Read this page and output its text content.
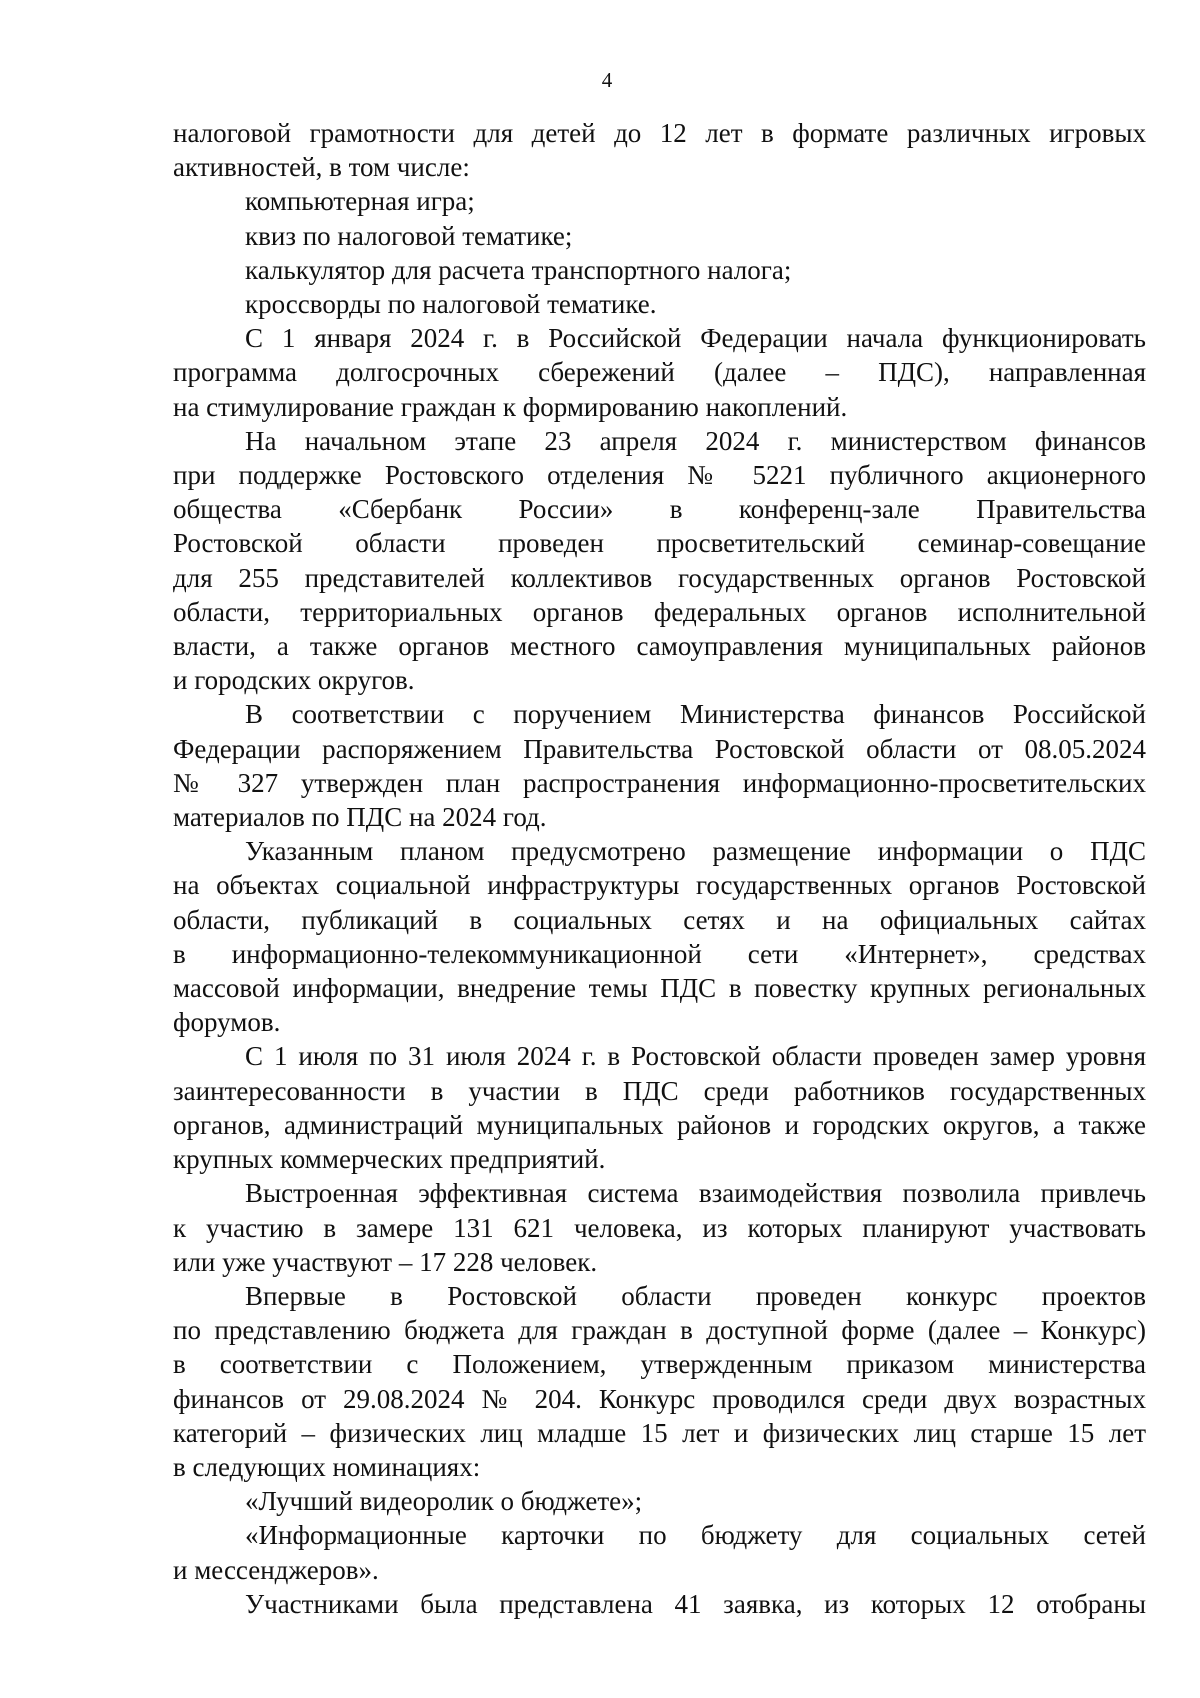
4
налоговой грамотности для детей до 12 лет в формате различных игровых
активностей, в том числе:
компьютерная игра;
квиз по налоговой тематике;
калькулятор для расчета транспортного налога;
кроссворды по налоговой тематике.
С 1 января 2024 г. в Российской Федерации начала функционировать
программа долгосрочных сбережений (далее – ПДС), направленная
на стимулирование граждан к формированию накоплений.
На начальном этапе 23 апреля 2024 г. министерством финансов
при поддержке Ростовского отделения № 5221 публичного акционерного
общества «Сбербанк России» в конференц-зале Правительства
Ростовской области проведен просветительский семинар-совещание
для 255 представителей коллективов государственных органов Ростовской
области, территориальных органов федеральных органов исполнительной
власти, а также органов местного самоуправления муниципальных районов
и городских округов.
В соответствии с поручением Министерства финансов Российской
Федерации распоряжением Правительства Ростовской области от 08.05.2024
№ 327 утвержден план распространения информационно-просветительских
материалов по ПДС на 2024 год.
Указанным планом предусмотрено размещение информации о ПДС
на объектах социальной инфраструктуры государственных органов Ростовской
области, публикаций в социальных сетях и на официальных сайтах
в информационно-телекоммуникационной сети «Интернет», средствах
массовой информации, внедрение темы ПДС в повестку крупных региональных
форумов.
С 1 июля по 31 июля 2024 г. в Ростовской области проведен замер уровня
заинтересованности в участии в ПДС среди работников государственных
органов, администраций муниципальных районов и городских округов, а также
крупных коммерческих предприятий.
Выстроенная эффективная система взаимодействия позволила привлечь
к участию в замере 131 621 человека, из которых планируют участвовать
или уже участвуют – 17 228 человек.
Впервые в Ростовской области проведен конкурс проектов
по представлению бюджета для граждан в доступной форме (далее – Конкурс)
в соответствии с Положением, утвержденным приказом министерства
финансов от 29.08.2024 № 204. Конкурс проводился среди двух возрастных
категорий – физических лиц младше 15 лет и физических лиц старше 15 лет
в следующих номинациях:
«Лучший видеоролик о бюджете»;
«Информационные карточки по бюджету для социальных сетей
и мессенджеров».
Участниками была представлена 41 заявка, из которых 12 отобраны
